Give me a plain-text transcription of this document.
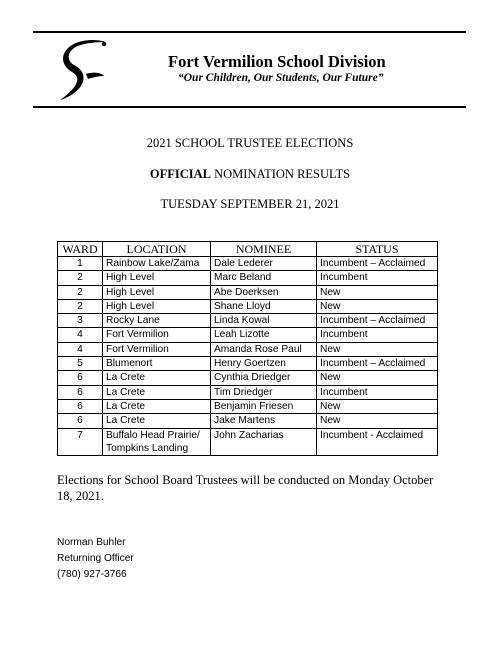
Fort Vermilion School Division
“Our Children, Our Students, Our Future”
2021 SCHOOL TRUSTEE ELECTIONS
OFFICIAL NOMINATION RESULTS
TUESDAY SEPTEMBER 21, 2021
WARD	LOCATION	NOMINEE	STATUS
1	Rainbow Lake/Zama	Dale Lederer	Incumbent – Acclaimed
2	High Level	Marc Beland	Incumbent
2	High Level	Abe Doerksen	New
2	High Level	Shane Lloyd	New
3	Rocky Lane	Linda Kowal	Incumbent – Acclaimed
4	Fort Vermilion	Leah Lizotte	Incumbent
4	Fort Vermilion	Amanda Rose Paul	New
5	Blumenort	Henry Goertzen	Incumbent – Acclaimed
6	La Crete	Cynthia Driedger	New
6	La Crete	Tim Driedger	Incumbent
6	La Crete	Benjamin Friesen	New
6	La Crete	Jake Martens	New
7	Buffalo Head Prairie/
Tompkins Landing	John Zacharias	Incumbent - Acclaimed
Elections for School Board Trustees will be conducted on Monday October 18, 2021.
Norman Buhler
Returning Officer
(780) 927-3766
